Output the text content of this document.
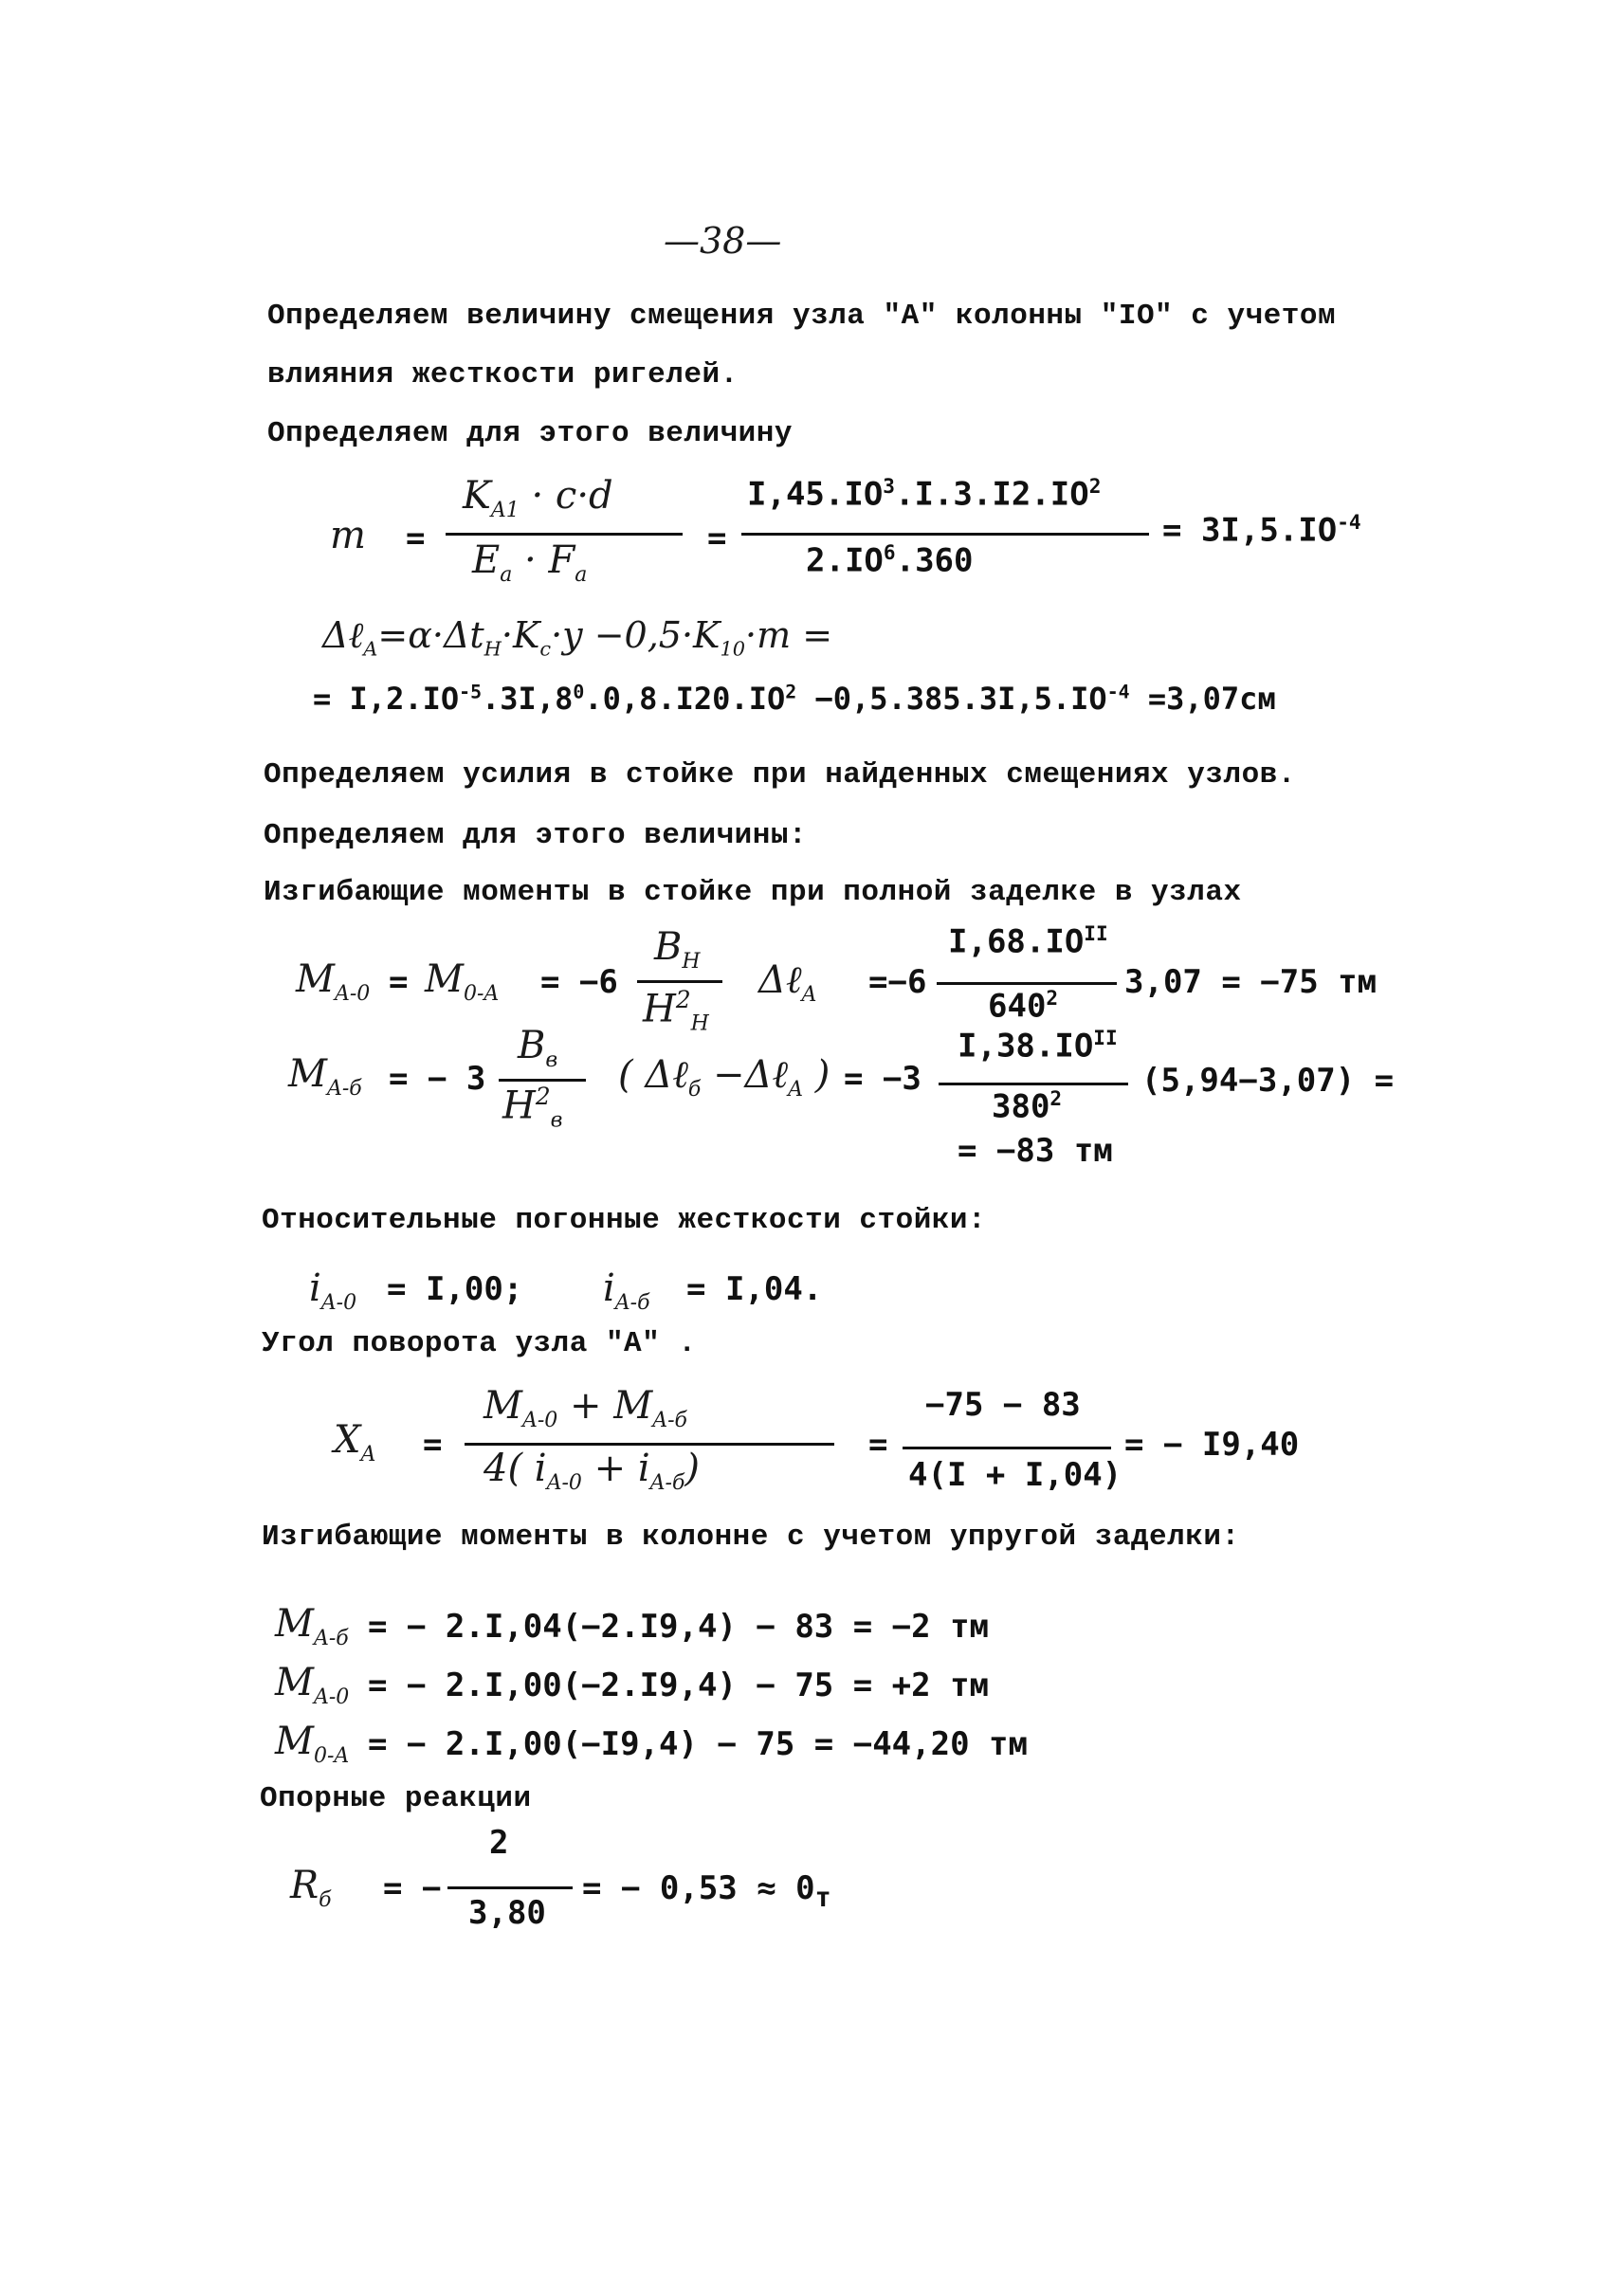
—38—
Определяем величину смещения узла "А" колонны "IO" с учетом
влияния жесткости ригелей.
Определяем для этого величину
m =
$K_{A1} \cdot c\cdot d$
$E_a \cdot F_a$
=
$I,45.IO^3.I.3.I2.IO^2$
$2.IO^6.360$
= $3I,5.IO^{-4}$
$\Delta\ell_A=\alpha\cdot\Delta t_H\cdot K_c\cdot y -0,5\cdot K_{10}\cdot m$ =
= $I,2.IO^{-5}.3I,8^0.0,8.I20.IO^2 -0,5.385.3I,5.IO^{-4} =3,07см$
Определяем усилия в стойке при найденных смещениях узлов.
Определяем для этого величины:
Изгибающие моменты в стойке при полной заделке в узлах
$M_{A-0} = M_{0-A} = -6$
$B_H$
$H^2_H$
Δℓ$_A$ =−6
$I,68.IO^{II}$
$640^2$ 3,07 = −75 тм
$M_{A-б}$ = − 3
$B_в$
$H^2_в$
( Δℓ$_б$ −Δℓ$_A$ ) = −3
$I,38.IO^{II}$
$380^2$ (5,94−3,07) =
= −83 тм
Относительные погонные жесткости стойки:
$i_{A-0} = I,00$; $i_{A-б} = I,04$.
Угол поворота узла "А" .
$X_A$ =
$M_{A-0} + M_{A-б}$
4( $i_{A-0} + i_{A-б}$)
=
−75 − 83
4(I + I,04)
= − I9,40
Изгибающие моменты в колонне с учетом упругой заделки:
$M_{A-б}$ = − 2.I,04(−2.I9,4) − 83 = −2 тм
$M_{A-0}$ = − 2.I,00(−2.I9,4) − 75 = +2 тм
$M_{0-A}$ = − 2.I,00(−I9,4) − 75 = −44,20 тм
Опорные реакции
$R_б$ = −
2
3,80
= − $0,53 \approx 0_т$
